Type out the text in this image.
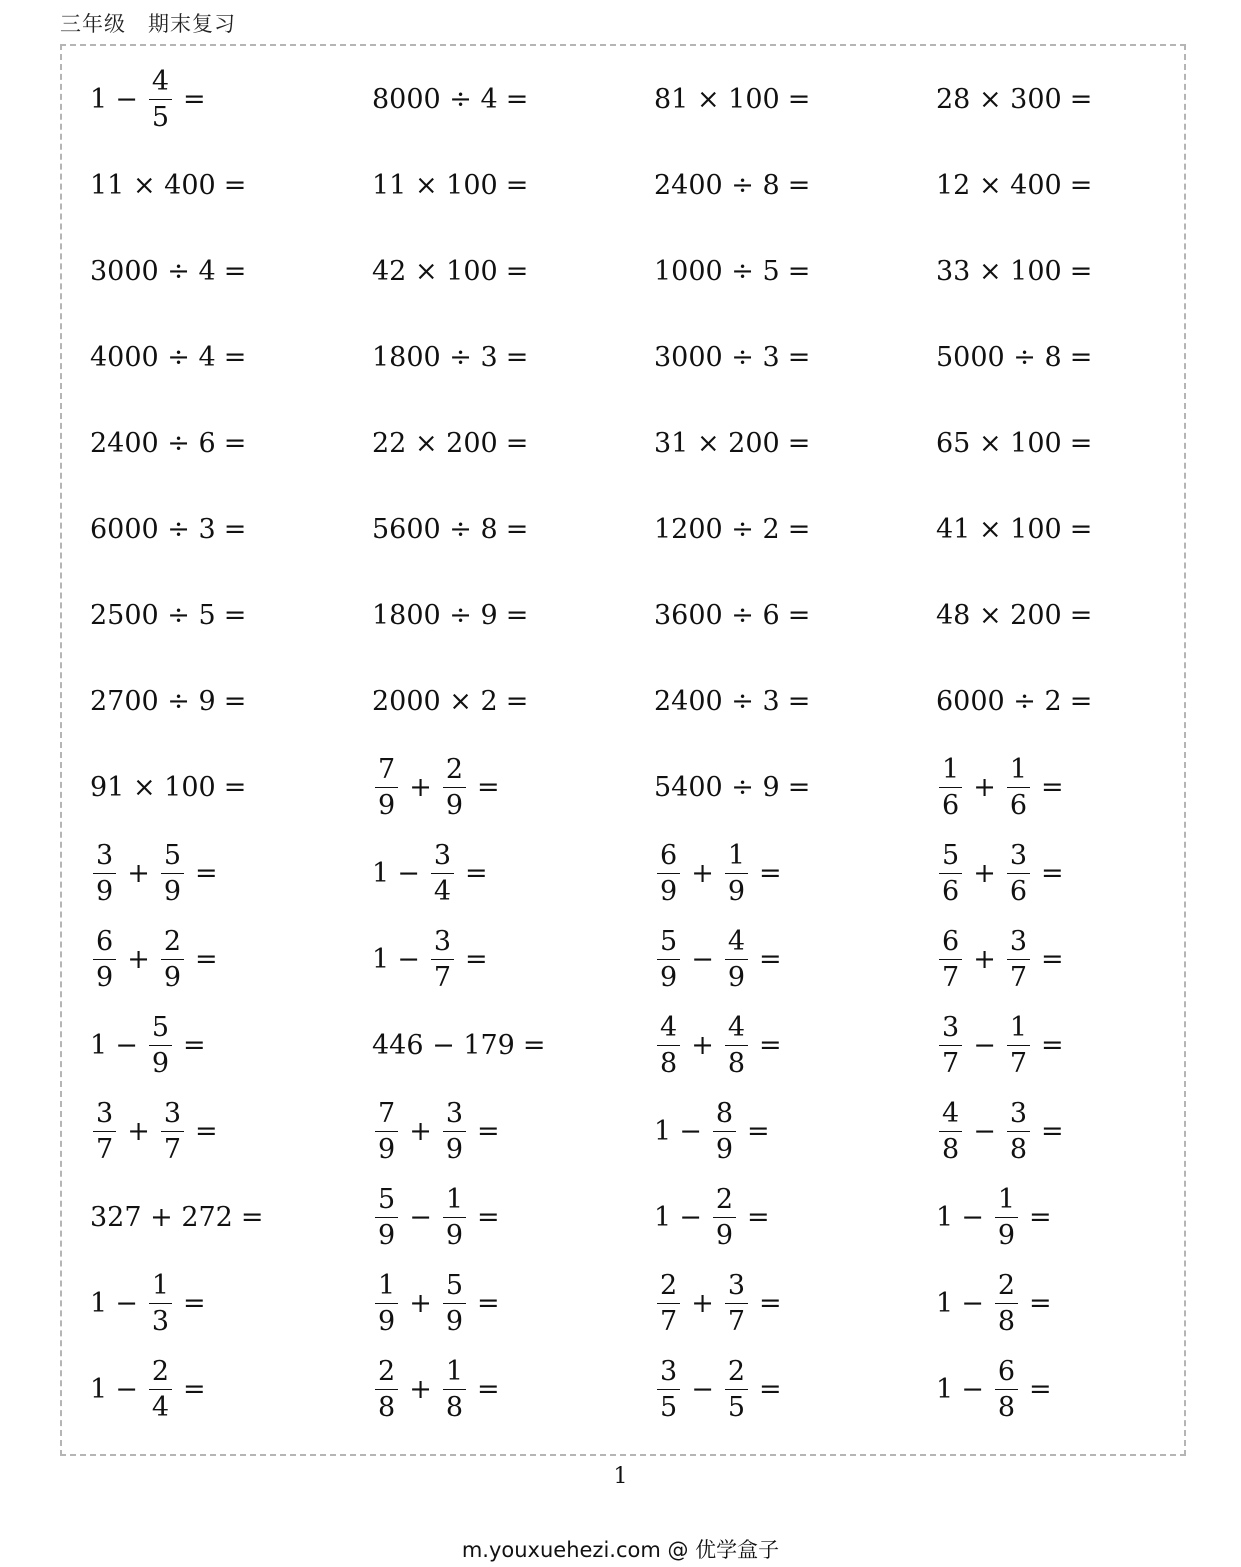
三年级　期末复习
$1 - \frac{4}{5}$ =	8000 ÷ 4 =	81 × 100 =	28 × 300 =
11 × 400 =	11 × 100 =	2400 ÷ 8 =	12 × 400 =
3000 ÷ 4 =	42 × 100 =	1000 ÷ 5 =	33 × 100 =
4000 ÷ 4 =	1800 ÷ 3 =	3000 ÷ 3 =	5000 ÷ 8 =
2400 ÷ 6 =	22 × 200 =	31 × 200 =	65 × 100 =
6000 ÷ 3 =	5600 ÷ 8 =	1200 ÷ 2 =	41 × 100 =
2500 ÷ 5 =	1800 ÷ 9 =	3600 ÷ 6 =	48 × 200 =
2700 ÷ 9 =	2000 × 2 =	2400 ÷ 3 =	6000 ÷ 2 =
91 × 100 =	$\frac{7}{9} + \frac{2}{9}$ =	5400 ÷ 9 =	$\frac{1}{6} + \frac{1}{6}$ =
$\frac{3}{9} + \frac{5}{9}$ =	$1 - \frac{3}{4}$ =	$\frac{6}{9} + \frac{1}{9}$ =	$\frac{5}{6} + \frac{3}{6}$ =
$\frac{6}{9} + \frac{2}{9}$ =	$1 - \frac{3}{7}$ =	$\frac{5}{9} - \frac{4}{9}$ =	$\frac{6}{7} + \frac{3}{7}$ =
$1 - \frac{5}{9}$ =	446 − 179 =	$\frac{4}{8} + \frac{4}{8}$ =	$\frac{3}{7} - \frac{1}{7}$ =
$\frac{3}{7} + \frac{3}{7}$ =	$\frac{7}{9} + \frac{3}{9}$ =	$1 - \frac{8}{9}$ =	$\frac{4}{8} - \frac{3}{8}$ =
327 + 272 =	$\frac{5}{9} - \frac{1}{9}$ =	$1 - \frac{2}{9}$ =	$1 - \frac{1}{9}$ =
$1 - \frac{1}{3}$ =	$\frac{1}{9} + \frac{5}{9}$ =	$\frac{2}{7} + \frac{3}{7}$ =	$1 - \frac{2}{8}$ =
$1 - \frac{2}{4}$ =	$\frac{2}{8} + \frac{1}{8}$ =	$\frac{3}{5} - \frac{2}{5}$ =	$1 - \frac{6}{8}$ =
1
m.youxuehezi.com @ 优学盒子
